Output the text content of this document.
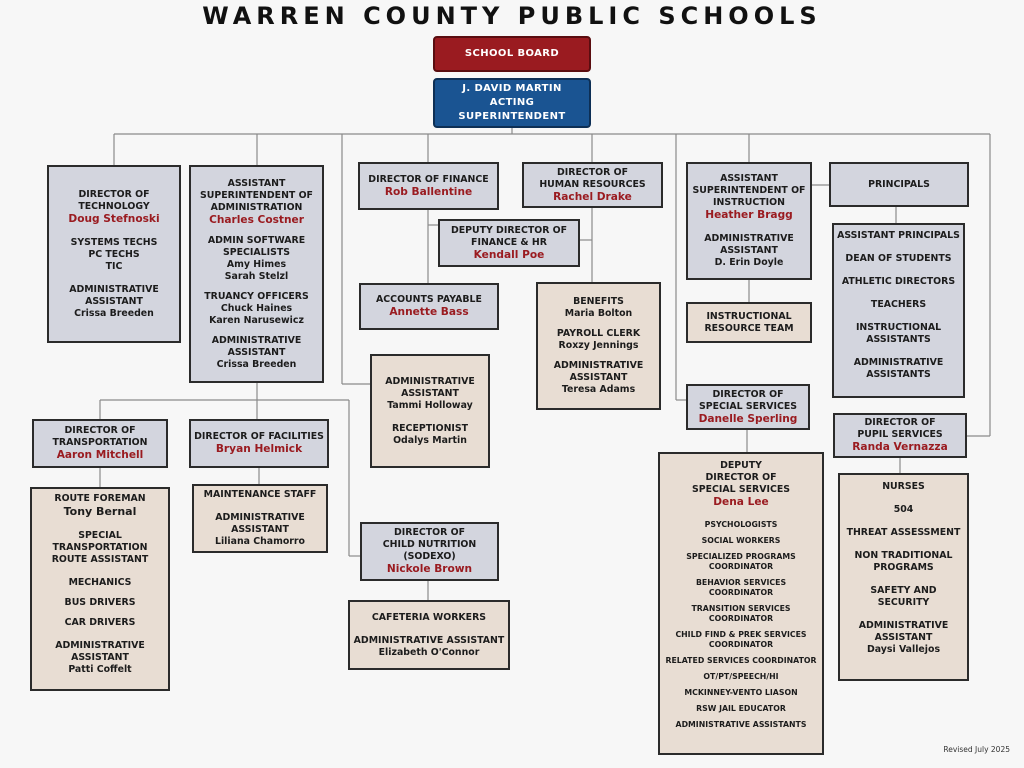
WARREN COUNTY PUBLIC SCHOOLS
SCHOOL BOARD
J. DAVID MARTIN
ACTING
SUPERINTENDENT
DIRECTOR OF
TECHNOLOGY
Doug Stefnoski
SYSTEMS TECHS
PC TECHS
TIC
ADMINISTRATIVE
ASSISTANT
Crissa Breeden
ASSISTANT
SUPERINTENDENT OF
ADMINISTRATION
Charles Costner
ADMIN SOFTWARE
SPECIALISTS
Amy Himes
Sarah Stelzl
TRUANCY OFFICERS
Chuck Haines
Karen Narusewicz
ADMINISTRATIVE
ASSISTANT
Crissa Breeden
DIRECTOR OF FINANCE
Rob Ballentine
DEPUTY DIRECTOR OF
FINANCE & HR
Kendall Poe
ACCOUNTS PAYABLE
Annette Bass
DIRECTOR OF
HUMAN RESOURCES
Rachel Drake
BENEFITS
Maria Bolton
PAYROLL CLERK
Roxzy Jennings
ADMINISTRATIVE
ASSISTANT
Teresa Adams
ADMINISTRATIVE
ASSISTANT
Tammi Holloway
RECEPTIONIST
Odalys Martin
ASSISTANT
SUPERINTENDENT OF
INSTRUCTION
Heather Bragg
ADMINISTRATIVE
ASSISTANT
D. Erin Doyle
INSTRUCTIONAL
RESOURCE TEAM
PRINCIPALS
ASSISTANT PRINCIPALS
DEAN OF STUDENTS
ATHLETIC DIRECTORS
TEACHERS
INSTRUCTIONAL
ASSISTANTS
ADMINISTRATIVE
ASSISTANTS
DIRECTOR OF
SPECIAL SERVICES
Danelle Sperling
DEPUTY
DIRECTOR OF
SPECIAL SERVICES
Dena Lee
PSYCHOLOGISTS
SOCIAL WORKERS
SPECIALIZED PROGRAMS
COORDINATOR
BEHAVIOR SERVICES
COORDINATOR
TRANSITION SERVICES
COORDINATOR
CHILD FIND & PREK SERVICES
COORDINATOR
RELATED SERVICES COORDINATOR
OT/PT/SPEECH/HI
MCKINNEY-VENTO LIASON
RSW JAIL EDUCATOR
ADMINISTRATIVE ASSISTANTS
DIRECTOR OF
PUPIL SERVICES
Randa Vernazza
NURSES
504
THREAT ASSESSMENT
NON TRADITIONAL
PROGRAMS
SAFETY AND
SECURITY
ADMINISTRATIVE
ASSISTANT
Daysi Vallejos
DIRECTOR OF
TRANSPORTATION
Aaron Mitchell
ROUTE FOREMAN
Tony Bernal
SPECIAL
TRANSPORTATION
ROUTE ASSISTANT
MECHANICS
BUS DRIVERS
CAR DRIVERS
ADMINISTRATIVE
ASSISTANT
Patti Coffelt
DIRECTOR OF FACILITIES
Bryan Helmick
MAINTENANCE STAFF
ADMINISTRATIVE
ASSISTANT
Liliana Chamorro
DIRECTOR OF
CHILD NUTRITION
(SODEXO)
Nickole Brown
CAFETERIA WORKERS
ADMINISTRATIVE ASSISTANT
Elizabeth O'Connor
Revised July 2025
